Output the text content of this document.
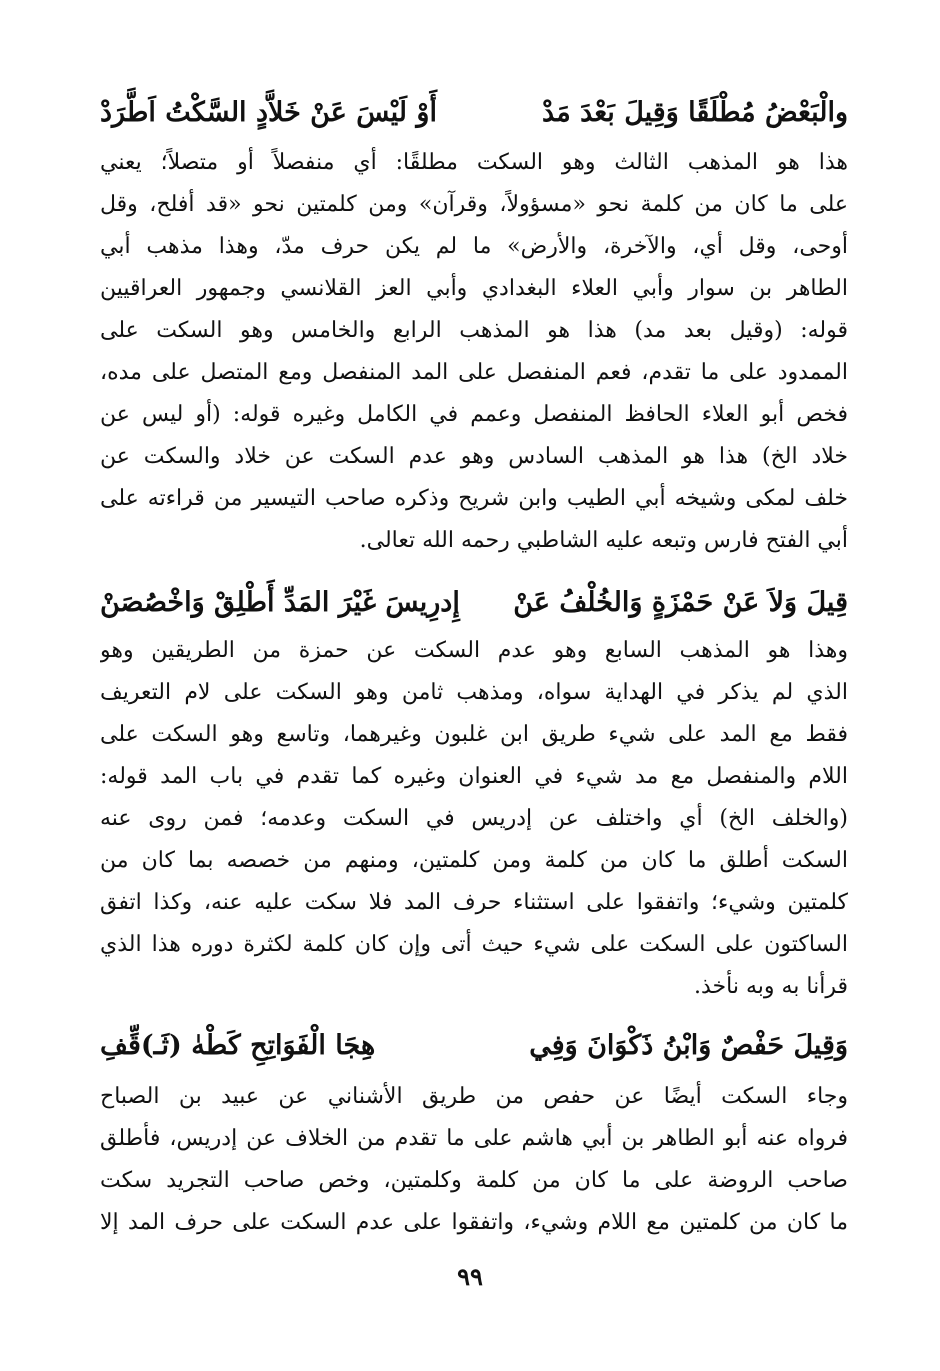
والْبَعْضُ مُطْلَقًا وَقِيلَ بَعْدَ مَدْ
أَوْ لَيْسَ عَنْ خَلاَّدٍ السَّكْتُ اَطَّرَدْ
هذا هو المذهب الثالث وهو السكت مطلقًا: أي منفصلاً أو متصلاً؛ يعني
على ما كان من كلمة نحو «مسؤولاً، وقرآن» ومن كلمتين نحو «قد أفلح، وقل
أوحى، وقل أي، والآخرة، والأرض» ما لم يكن حرف مدّ، وهذا مذهب أبي
الطاهر بن سوار وأبي العلاء البغدادي وأبي العز القلانسي وجمهور العراقيين
قوله: (وقيل بعد مد) هذا هو المذهب الرابع والخامس وهو السكت على
الممدود على ما تقدم، فعم المنفصل على المد المنفصل ومع المتصل على مده،
فخص أبو العلاء الحافظ المنفصل وعمم في الكامل وغيره قوله: (أو ليس عن
خلاد الخ) هذا هو المذهب السادس وهو عدم السكت عن خلاد والسكت عن
خلف لمكى وشيخه أبي الطيب وابن شريح وذكره صاحب التيسير من قراءته على
أبي الفتح فارس وتبعه عليه الشاطبي رحمه الله تعالى.
قِيلَ وَلاَ عَنْ حَمْزَةٍ وَالخُلْفُ عَنْ
إِدرِيسَ غَيْرَ المَدِّ أَطْلِقْ وَاخْصُصَنْ
وهذا هو المذهب السابع وهو عدم السكت عن حمزة من الطريقين وهو
الذي لم يذكر في الهداية سواه، ومذهب ثامن وهو السكت على لام التعريف
فقط مع المد على شيء طريق ابن غلبون وغيرهما، وتاسع وهو السكت على
اللام والمنفصل مع مد شيء في العنوان وغيره كما تقدم في باب المد قوله:
(والخلف الخ) أي واختلف عن إدريس في السكت وعدمه؛ فمن روى عنه
السكت أطلق ما كان من كلمة ومن كلمتين، ومنهم من خصصه بما كان من
كلمتين وشيء؛ واتفقوا على استثناء حرف المد فلا سكت عليه عنه، وكذا اتفق
الساكتون على السكت على شيء حيث أتى وإن كان كلمة لكثرة دوره هذا الذي
قرأنا به وبه نأخذ.
وَقِيلَ حَفْصٌ وَابْنُ ذَكْوَانَ وَفِي
هِجَا الْفَوَاتِحِ كَطْهٰ (ثَـ)قِّفِ
وجاء السكت أيضًا عن حفص من طريق الأشناني عن عبيد بن الصباح
فرواه عنه أبو الطاهر بن أبي هاشم على ما تقدم من الخلاف عن إدريس، فأطلق
صاحب الروضة على ما كان من كلمة وكلمتين، وخص صاحب التجريد سكت
ما كان من كلمتين مع اللام وشيء، واتفقوا على عدم السكت على حرف المد إلا
٩٩
